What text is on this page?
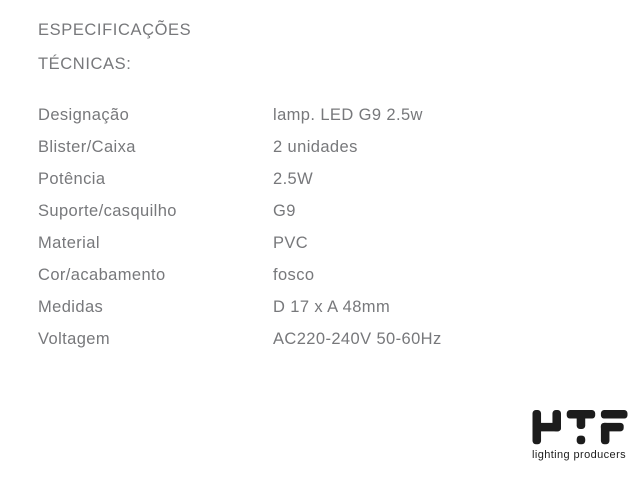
ESPECIFICAÇÕES
TÉCNICAS:
Designação	lamp. LED G9 2.5w
Blister/Caixa	2 unidades
Potência	2.5W
Suporte/casquilho	G9
Material	PVC
Cor/acabamento	fosco
Medidas	D 17 x A 48mm
Voltagem	AC220-240V 50-60Hz
lighting producers
